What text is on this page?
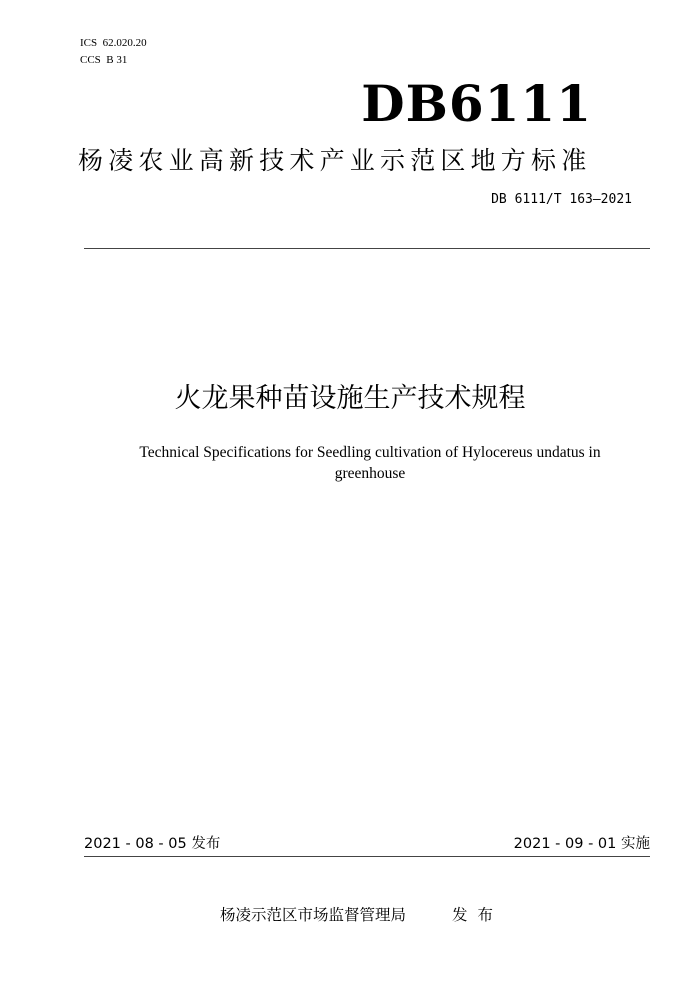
ICS  62.020.20
CCS  B 31
DB6111
杨凌农业高新技术产业示范区地方标准
DB 6111/T 163—2021
火龙果种苗设施生产技术规程
Technical Specifications for Seedling cultivation of Hylocereus undatus in greenhouse
2021 - 08 - 05 发布	2021 - 09 - 01 实施
杨凌示范区市场监督管理局	发布
